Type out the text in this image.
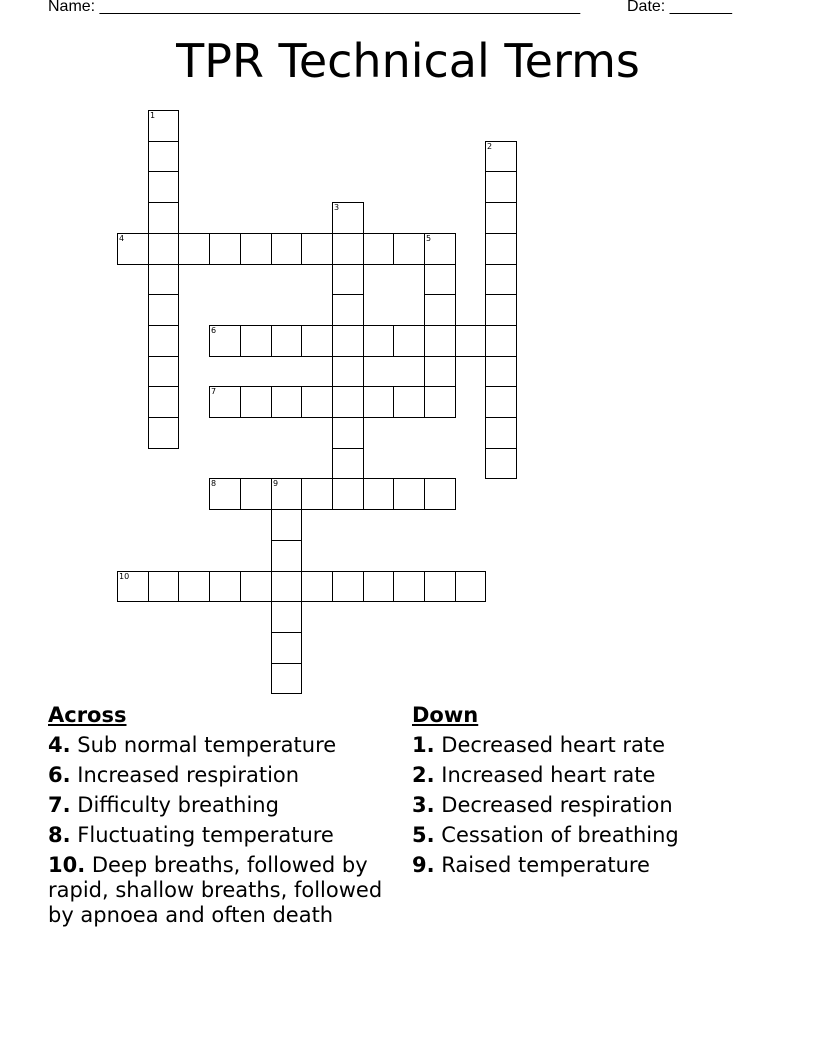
Name: ______________________________________________________	Date: _______
TPR Technical Terms
1
2
3
4	5
6
7
8	9
10
Across
4. Sub normal temperature
6. Increased respiration
7. Difficulty breathing
8. Fluctuating temperature
10. Deep breaths, followed by rapid, shallow breaths, followed by apnoea and often death
Down
1. Decreased heart rate
2. Increased heart rate
3. Decreased respiration
5. Cessation of breathing
9. Raised temperature
